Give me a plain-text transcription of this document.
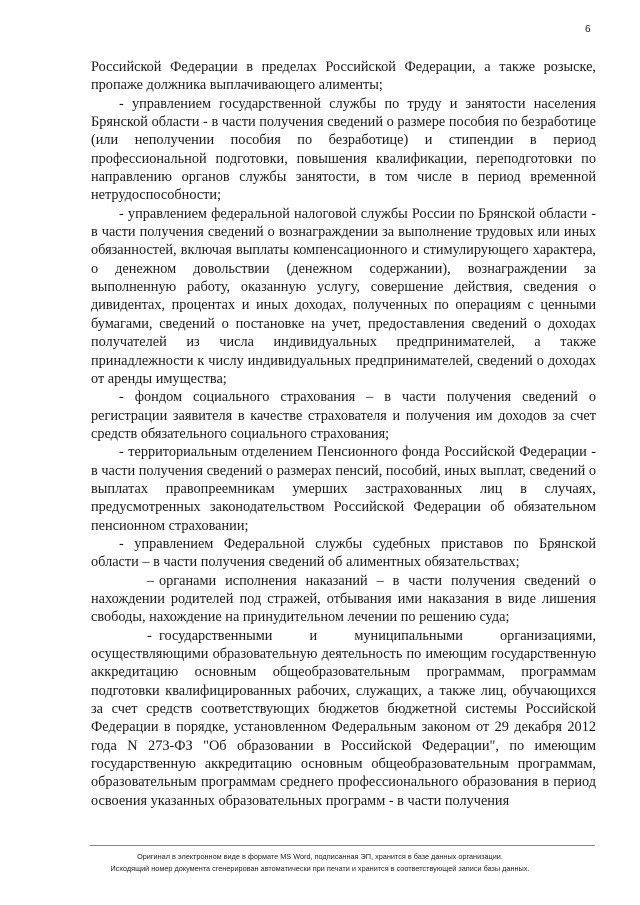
6

Российской Федерации в пределах Российской Федерации, а также розыске, пропаже должника выплачивающего алименты;

- управлением государственной службы по труду и занятости населения Брянской области - в части получения сведений о размере пособия по безработице (или неполучении пособия по безработице) и стипендии в период профессиональной подготовки, повышения квалификации, переподготовки по направлению органов службы занятости, в том числе в период временной нетрудоспособности;

- управлением федеральной налоговой службы России по Брянской области - в части получения сведений о вознаграждении за выполнение трудовых или иных обязанностей, включая выплаты компенсационного и стимулирующего характера, о денежном довольствии (денежном содержании), вознаграждении за выполненную работу, оказанную услугу, совершение действия, сведения о дивидентах, процентах и иных доходах, полученных по операциям с ценными бумагами, сведений о постановке на учет, предоставления сведений о доходах получателей из числа индивидуальных предпринимателей, а также принадлежности к числу индивидуальных предпринимателей, сведений о доходах от аренды имущества;

- фондом социального страхования – в части получения сведений о регистрации заявителя в качестве страхователя и получения им доходов за счет средств обязательного социального страхования;

- территориальным отделением Пенсионного фонда Российской Федерации - в части получения сведений о размерах пенсий, пособий, иных выплат, сведений о выплатах правопреемникам умерших застрахованных лиц в случаях, предусмотренных законодательством Российской Федерации об обязательном пенсионном страховании;

- управлением Федеральной службы судебных приставов по Брянской области – в части получения сведений об алиментных обязательствах;

– органами исполнения наказаний – в части получения сведений о нахождении родителей под стражей, отбывания ими наказания в виде лишения свободы, нахождение на принудительном лечении по решению суда;

- государственными и муниципальными организациями, осуществляющими образовательную деятельность по имеющим государственную аккредитацию основным общеобразовательным программам, программам подготовки квалифицированных рабочих, служащих, а также лиц, обучающихся за счет средств соответствующих бюджетов бюджетной системы Российской Федерации в порядке, установленном Федеральным законом от 29 декабря 2012 года N 273-ФЗ "Об образовании в Российской Федерации", по имеющим государственную аккредитацию основным общеобразовательным программам, образовательным программам среднего профессионального образования в период освоения указанных образовательных программ - в части получения

Оригинал в электронном виде в формате MS Word, подписанная ЭП, хранится в базе данных организации.
Исходящий номер документа сгенерирован автоматически при печати и хранится в соответствующей записи базы данных.
